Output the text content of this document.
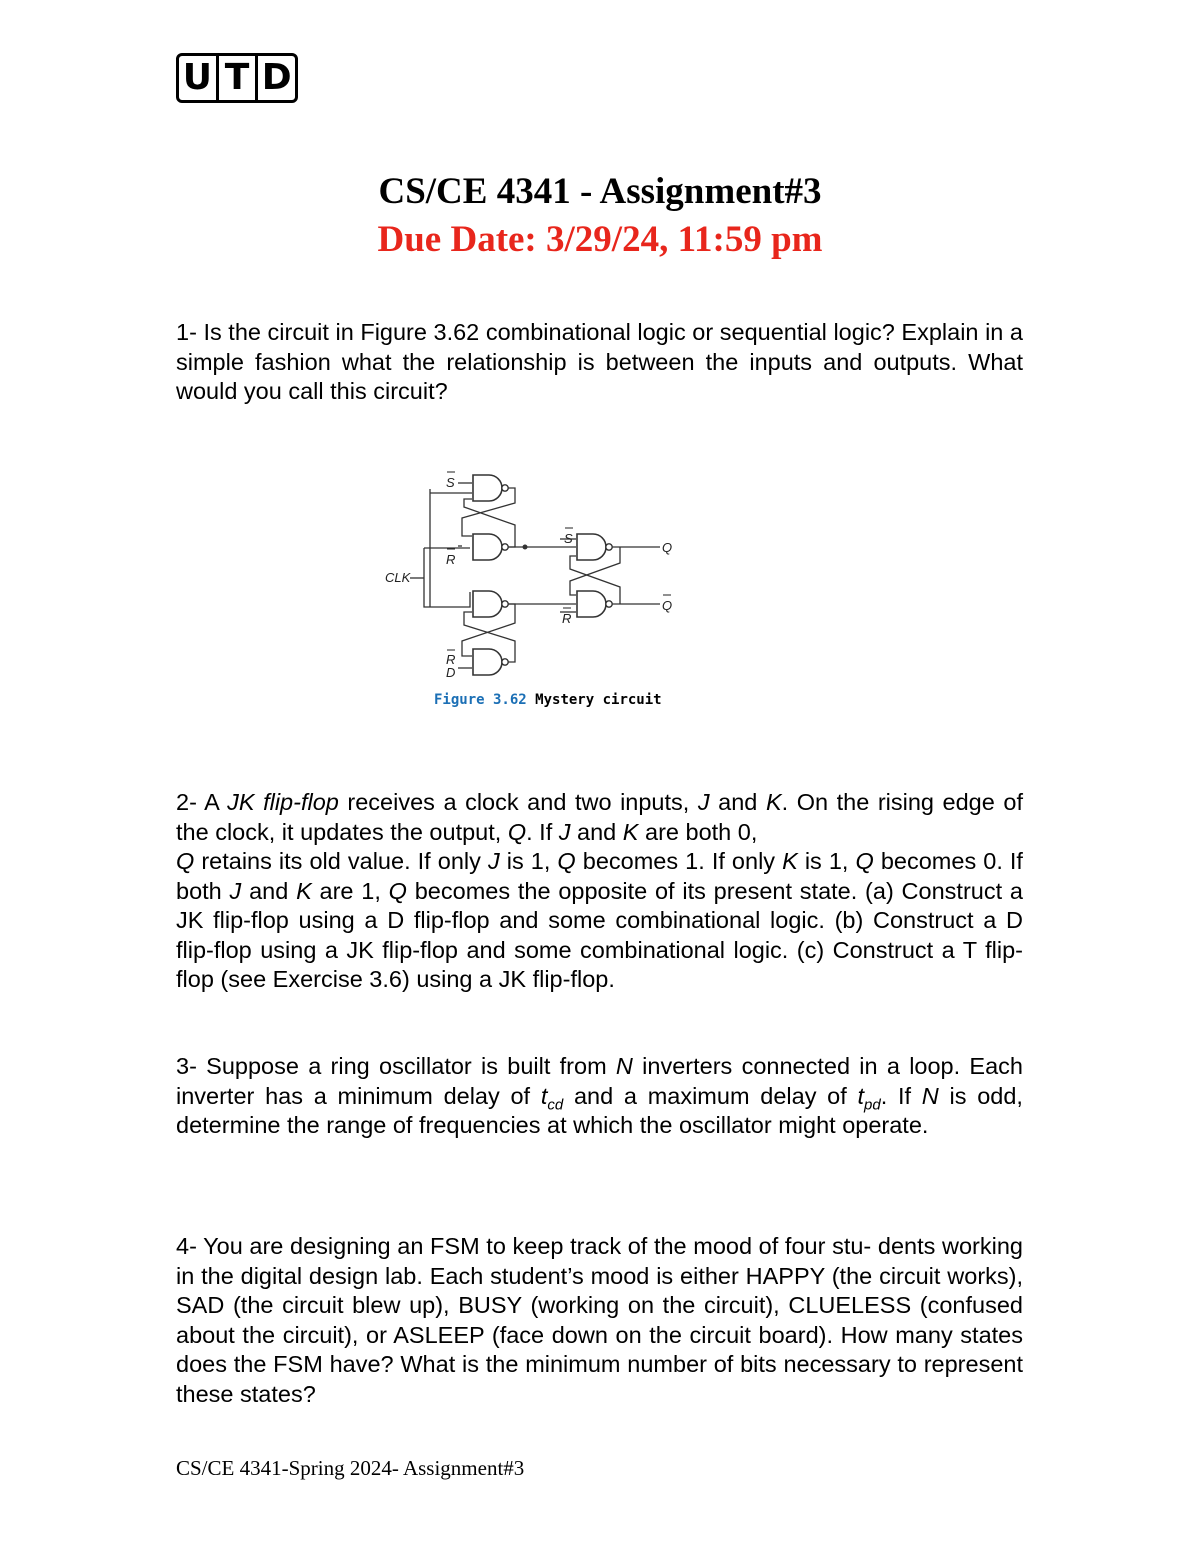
U T D
CS/CE 4341 - Assignment#3
Due Date: 3/29/24, 11:59 pm

1- Is the circuit in Figure 3.62 combinational logic or sequential logic? Explain in a simple fashion what the relationship is between the inputs and outputs. What would you call this circuit?

S
R
CLK
R
D
S
R
Q
Q
Figure 3.62 Mystery circuit

2- A JK flip-flop receives a clock and two inputs, J and K. On the rising edge of the clock, it updates the output, Q. If J and K are both 0,
Q retains its old value. If only J is 1, Q becomes 1. If only K is 1, Q becomes 0. If both J and K are 1, Q becomes the opposite of its present state. (a) Construct a JK flip-flop using a D flip-flop and some combinational logic. (b) Construct a D flip-flop using a JK flip-flop and some combinational logic. (c) Construct a T flip-flop (see Exercise 3.6) using a JK flip-flop.

3- Suppose a ring oscillator is built from N inverters connected in a loop. Each inverter has a minimum delay of $t_{cd}$ and a maximum delay of $t_{pd}$. If N is odd, determine the range of frequencies at which the oscillator might operate.

4- You are designing an FSM to keep track of the mood of four stu- dents working in the digital design lab. Each student’s mood is either HAPPY (the circuit works), SAD (the circuit blew up), BUSY (working on the circuit), CLUELESS (confused about the circuit), or ASLEEP (face down on the circuit board). How many states does the FSM have? What is the minimum number of bits necessary to represent these states?

CS/CE 4341-Spring 2024- Assignment#3
